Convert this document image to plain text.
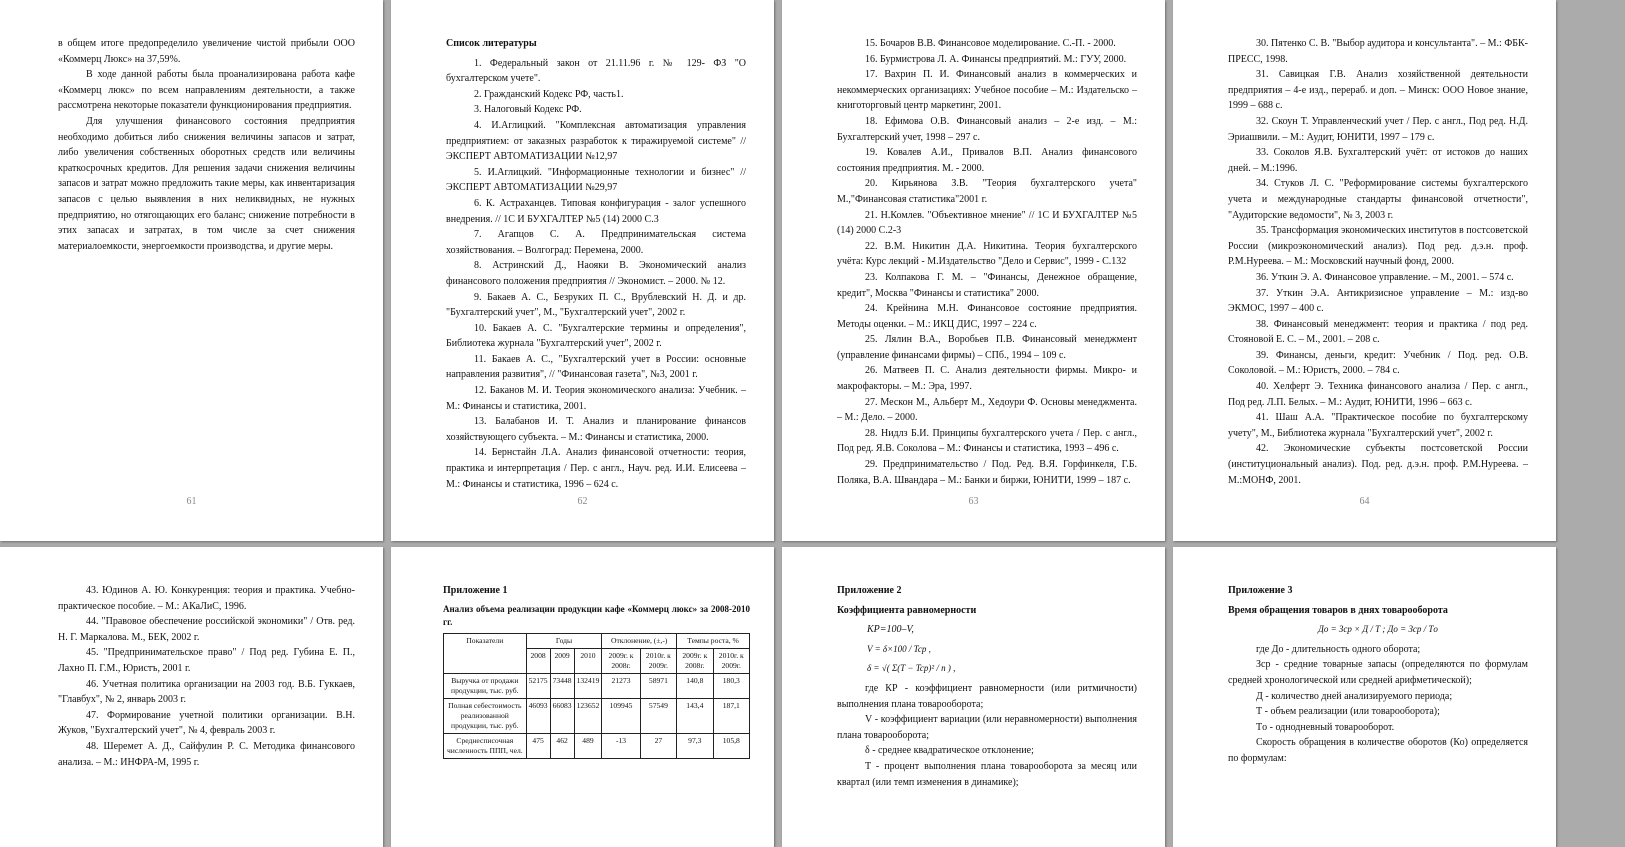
в общем итоге предопределило увеличение чистой прибыли ООО «Коммерц Люкс» на 37,59%.

В ходе данной работы была проанализирована работа кафе «Коммерц люкс» по всем направлениям деятельности, а также рассмотрена некоторые показатели функционирования предприятия.

Для улучшения финансового состояния предприятия необходимо добиться либо снижения величины запасов и затрат, либо увеличения собственных оборотных средств или величины краткосрочных кредитов. Для решения задачи снижения величины запасов и затрат можно предложить такие меры, как инвентаризация запасов с целью выявления в них неликвидных, не нужных предприятию, но отягощающих его баланс; снижение потребности в этих запасах и затратах, в том числе за счет снижения материалоемкости, энергоемкости производства, и другие меры.

61

Список литературы

1. Федеральный закон от 21.11.96 г. № 129- ФЗ "О бухгалтерском учете".

2. Гражданский Кодекс РФ, часть1.

3. Налоговый Кодекс РФ.

4. И.Аглицкий. "Комплексная автоматизация управления предприятием: от заказных разработок к тиражируемой системе" // ЭКСПЕРТ АВТОМАТИЗАЦИИ №12,97

5. И.Аглицкий. "Информационные технологии и бизнес" // ЭКСПЕРТ АВТОМАТИЗАЦИИ №29,97

6. К. Астраханцев. Типовая конфигурация - залог успешного внедрения. // 1С И БУХГАЛТЕР №5 (14) 2000 С.3

7. Агапцов С. А. Предпринимательская система хозяйствования. – Волгоград: Перемена, 2000.

8. Астринский Д., Наояки В. Экономический анализ финансового положения предприятия // Экономист. – 2000. № 12.

9. Бакаев А. С., Безруких П. С., Врублевский Н. Д. и др. "Бухгалтерский учет", М., "Бухгалтерский учет", 2002 г.

10. Бакаев А. С. "Бухгалтерские термины и определения", Библиотека журнала "Бухгалтерский учет", 2002 г.

11. Бакаев А. С., "Бухгалтерский учет в России: основные направления развития", // "Финансовая газета", №3, 2001 г.

12. Баканов М. И. Теория экономического анализа: Учебник. – М.: Финансы и статистика, 2001.

13. Балабанов И. Т. Анализ и планирование финансов хозяйствующего субъекта. – М.: Финансы и статистика, 2000.

14. Бернстайн Л.А. Анализ финансовой отчетности: теория, практика и интерпретация / Пер. с англ., Науч. ред. И.И. Елисеева – М.: Финансы и статистика, 1996 – 624 с.

62

15. Бочаров В.В. Финансовое моделирование. С.-П. - 2000.

16. Бурмистрова Л. А. Финансы предприятий. М.: ГУУ, 2000.

17. Вахрин П. И. Финансовый анализ в коммерческих и некоммерческих организациях: Учебное пособие – М.: Издательско – книготорговый центр маркетинг, 2001.

18. Ефимова О.В. Финансовый анализ – 2-е изд. – М.: Бухгалтерский учет, 1998 – 297 с.

19. Ковалев А.И., Привалов В.П. Анализ финансового состояния предприятия. М. - 2000.

20. Кирьянова З.В. "Теория бухгалтерского учета" М.,"Финансовая статистика"2001 г.

21. Н.Комлев. "Объективное мнение" // 1С И БУХГАЛТЕР №5 (14) 2000 С.2-3

22. В.М. Никитин Д.А. Никитина. Теория бухгалтерского учёта: Курс лекций - М.Издательство "Дело и Сервис", 1999 - С.132

23. Колпакова Г. М. – "Финансы, Денежное обращение, кредит", Москва "Финансы и статистика" 2000.

24. Крейнина М.Н. Финансовое состояние предприятия. Методы оценки. – М.: ИКЦ ДИС, 1997 – 224 с.

25. Лялин В.А., Воробьев П.В. Финансовый менеджмент (управление финансами фирмы) – СПб., 1994 – 109 с.

26. Матвеев П. С. Анализ деятельности фирмы. Микро- и макрофакторы. – М.: Эра, 1997.

27. Мескон М., Альберт М., Хедоури Ф. Основы менеджмента. – М.: Дело. – 2000.

28. Нидлз Б.И. Принципы бухгалтерского учета / Пер. с англ., Под ред. Я.В. Соколова – М.: Финансы и статистика, 1993 – 496 с.

29. Предпринимательство / Под. Ред. В.Я. Горфинкеля, Г.Б. Поляка, В.А. Швандара – М.: Банки и биржи, ЮНИТИ, 1999 – 187 с.

63

30. Пятенко С. В. "Выбор аудитора и консультанта". – М.: ФБК-ПРЕСС, 1998.

31. Савицкая Г.В. Анализ хозяйственной деятельности предприятия – 4-е изд., перераб. и доп. – Минск: ООО Новое знание, 1999 – 688 с.

32. Скоун Т. Управленческий учет / Пер. с англ., Под ред. Н.Д. Эриашвили. – М.: Аудит, ЮНИТИ, 1997 – 179 с.

33. Соколов Я.В. Бухгалтерский учёт: от истоков до наших дней. – М.:1996.

34. Стуков Л. С. "Реформирование системы бухгалтерского учета и международные стандарты финансовой отчетности", "Аудиторские ведомости", № 3, 2003 г.

35. Трансформация экономических институтов в постсоветской России (микроэкономический анализ). Под ред. д.э.н. проф. Р.М.Нуреева. – М.: Московский научный фонд, 2000.

36. Уткин Э. А. Финансовое управление. – М., 2001. – 574 с.

37. Уткин Э.А. Антикризисное управление – М.: изд-во ЭКМОС, 1997 – 400 с.

38. Финансовый менеджмент: теория и практика / под ред. Стояновой Е. С. – М., 2001. – 208 с.

39. Финансы, деньги, кредит: Учебник / Под. ред. О.В. Соколовой. – М.: Юристъ, 2000. – 784 с.

40. Хелферт Э. Техника финансового анализа / Пер. с англ., Под ред. Л.П. Белых. – М.: Аудит, ЮНИТИ, 1996 – 663 с.

41. Шаш А.А. "Практическое пособие по бухгалтерскому учету", М., Библиотека журнала "Бухгалтерский учет", 2002 г.

42. Экономические субъекты постсоветской России (институциональный анализ). Под. ред. д.э.н. проф. Р.М.Нуреева. – М.:МОНФ, 2001.

64

43. Юдинов А. Ю. Конкуренция: теория и практика. Учебно-практическое пособие. – М.: АКаЛиС, 1996.

44. "Правовое обеспечение российской экономики" / Отв. ред. Н. Г. Маркалова. М., БЕК, 2002 г.

45. "Предпринимательское право" / Под ред. Губина Е. П., Лахно П. Г.М., Юристъ, 2001 г.

46. Учетная политика организации на 2003 год. В.Б. Гуккаев, "Главбух", № 2, январь 2003 г.

47. Формирование учетной политики организации. В.Н. Жуков, "Бухгалтерский учет", № 4, февраль 2003 г.

48. Шеремет А. Д., Сайфулин Р. С. Методика финансового анализа. – М.: ИНФРА-М, 1995 г.

Приложение 1

Анализ объема реализации продукции кафе «Коммерц люкс» за 2008-2010 гг.

Показатели	Годы			Отклонение, (±,-)		Темпы роста, %	
	2008	2009	2010	2009г. к 2008г.	2010г. к 2009г.	2009г. к 2008г.	2010г. к 2009г.
Выручка от продажи продукции, тыс. руб.	52175	73448	132419	21273	58971	140,8	180,3
Полная себестоимость реализованной продукции, тыс. руб.	46093	66083	123652	109945	57549	143,4	187,1
Среднесписочная численность ППП, чел.	475	462	489	-13	27	97,3	105,8

Приложение 2

Коэффициента равномерности

КР=100–V,

V = δ×100 / Tcp ,

δ = √( Σ(T − Tcp)² / n ) ,

где КР - коэффициент равномерности (или ритмичности) выполнения плана товарооборота;

V - коэффициент вариации (или неравномерности) выполнения плана товарооборота;

δ - среднее квадратическое отклонение;

T - процент выполнения плана товарооборота за месяц или квартал (или темп изменения в динамике);

Приложение 3

Время обращения товаров в днях товарооборота

Дo = Зср × Д / Т ; Дo = Зср / Тo

где Дo - длительность одного оборота;

Зср - средние товарные запасы (определяются по формулам средней хронологической или средней арифметической);

Д - количество дней анализируемого периода;

Т - объем реализации (или товарооборота);

Тo - однодневный товарооборот.

Скорость обращения в количестве оборотов (Ко) определяется по формулам:
